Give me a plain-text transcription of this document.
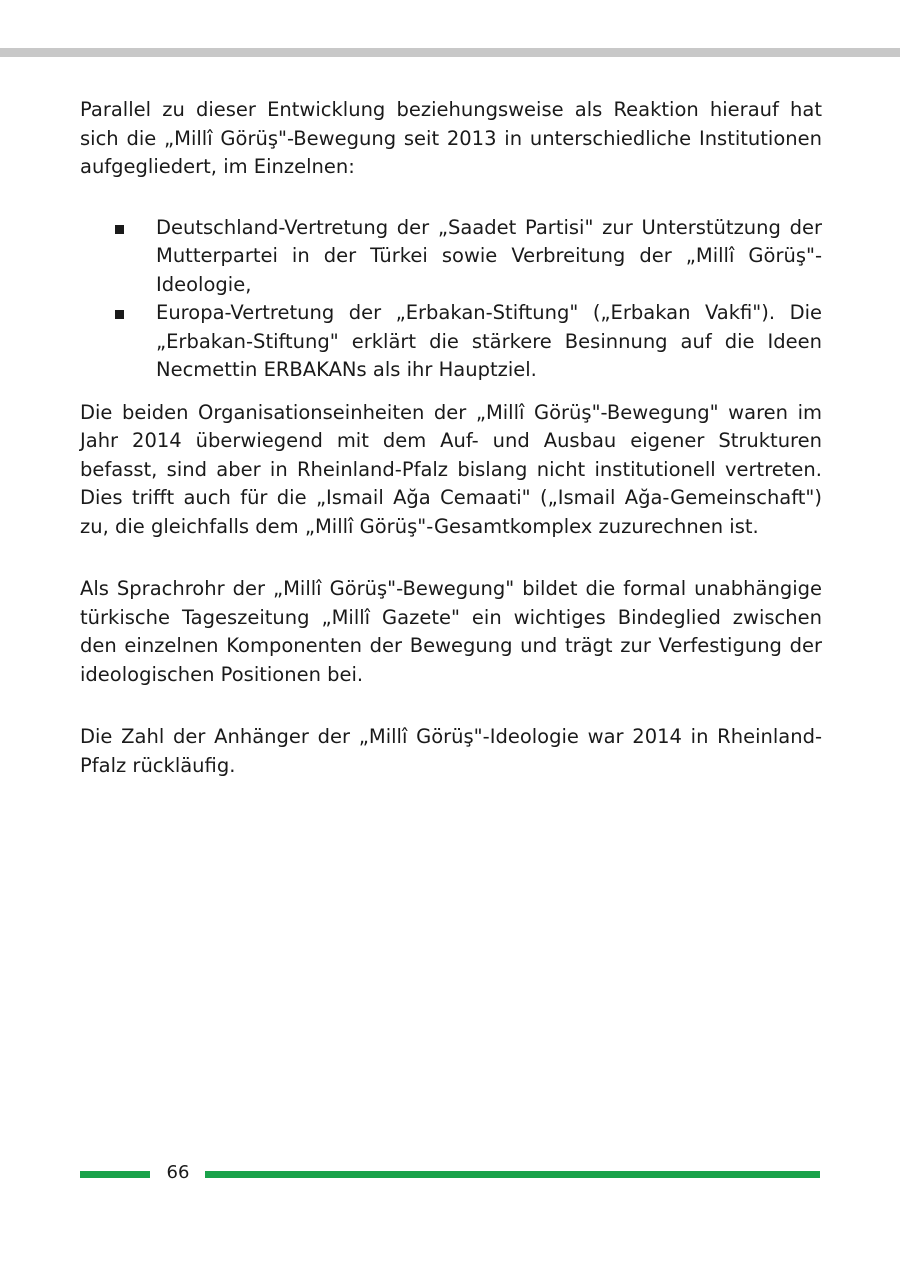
Parallel zu dieser Entwicklung beziehungsweise als Reaktion hierauf hat sich die „Millî Görüş"-Bewegung seit 2013 in unterschiedliche Institutionen aufgegliedert, im Einzelnen:

Deutschland-Vertretung der „Saadet Partisi" zur Unterstützung der Mutterpartei in der Türkei sowie Verbreitung der „Millî Görüş"-Ideologie,
Europa-Vertretung der „Erbakan-Stiftung" („Erbakan Vakfi"). Die „Erbakan-Stiftung" erklärt die stärkere Besinnung auf die Ideen Necmettin ERBAKANs als ihr Hauptziel.

Die beiden Organisationseinheiten der „Millî Görüş"-Bewegung" waren im Jahr 2014 überwiegend mit dem Auf- und Ausbau eigener Strukturen befasst, sind aber in Rheinland-Pfalz bislang nicht institutionell vertreten. Dies trifft auch für die „Ismail Ağa Cemaati" („Ismail Ağa-Gemeinschaft") zu, die gleichfalls dem „Millî Görüş"-Gesamtkomplex zuzurechnen ist.

Als Sprachrohr der „Millî Görüş"-Bewegung" bildet die formal unabhängige türkische Tageszeitung „Millî Gazete" ein wichtiges Bindeglied zwischen den einzelnen Komponenten der Bewegung und trägt zur Verfestigung der ideologischen Positionen bei.

Die Zahl der Anhänger der „Millî Görüş"-Ideologie war 2014 in Rheinland-Pfalz rückläufig.

66
